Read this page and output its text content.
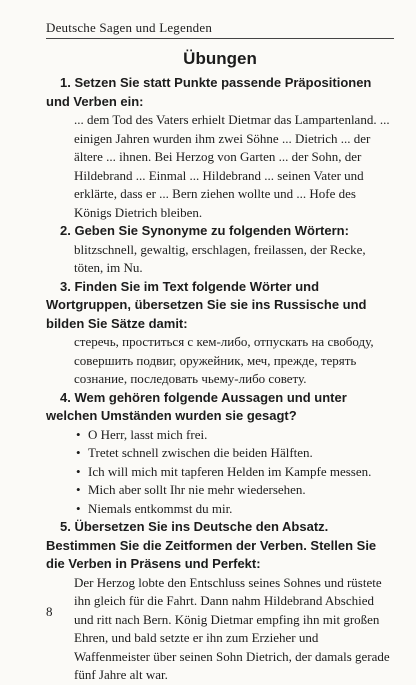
Deutsche Sagen und Legenden
Übungen

1. Setzen Sie statt Punkte passende Präpositionen und Verben ein:

... dem Tod des Vaters erhielt Dietmar das Lampartenland. ... einigen Jahren wurden ihm zwei Söhne ... Dietrich ... der ältere ... ihnen. Bei Herzog von Garten ... der Sohn, der Hildebrand ... Einmal ... Hildebrand ... seinen Vater und erklärte, dass er ... Bern ziehen wollte und ... Hofe des Königs Dietrich bleiben.

2. Geben Sie Synonyme zu folgenden Wörtern:

blitzschnell, gewaltig, erschlagen, freilassen, der Recke, töten, im Nu.

3. Finden Sie im Text folgende Wörter und Wortgruppen, übersetzen Sie sie ins Russische und bilden Sie Sätze damit:

стеречь, проститься с кем-либо, отпускать на свободу, совершить подвиг, оружейник, меч, прежде, терять сознание, последовать чьему-либо совету.

4. Wem gehören folgende Aussagen und unter welchen Umständen wurden sie gesagt?

• O Herr, lasst mich frei.
• Tretet schnell zwischen die beiden Hälften.
• Ich will mich mit tapferen Helden im Kampfe messen.
• Mich aber sollt Ihr nie mehr wiedersehen.
• Niemals entkommst du mir.

5. Übersetzen Sie ins Deutsche den Absatz. Bestimmen Sie die Zeitformen der Verben. Stellen Sie die Verben in Präsens und Perfekt:

Der Herzog lobte den Entschluss seines Sohnes und rüstete ihn gleich für die Fahrt. Dann nahm Hildebrand Abschied und ritt nach Bern. König Dietmar empfing ihn mit großen Ehren, und bald setzte er ihn zum Erzieher und Waffenmeister über seinen Sohn Dietrich, der damals gerade fünf Jahre alt war.

8
